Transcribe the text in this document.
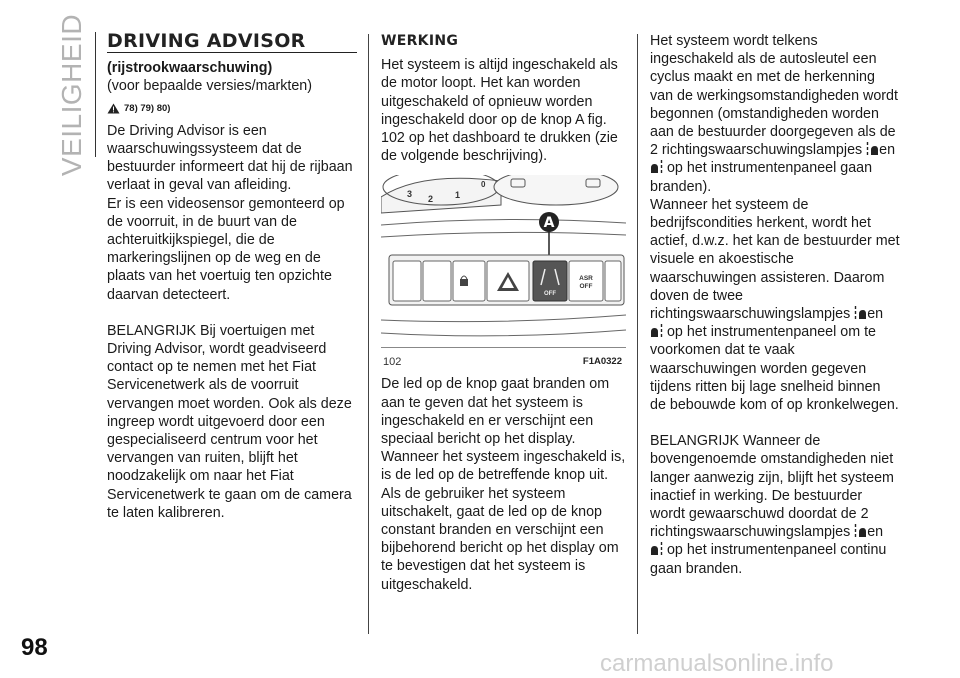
VEILIGHEID
98
carmanualsonline.info
DRIVING ADVISOR
(rijstrookwaarschuwing)
(voor bepaalde versies/markten)
78) 79) 80)

De Driving Advisor is een waarschuwingssysteem dat de bestuurder informeert dat hij de rijbaan verlaat in geval van afleiding.

Er is een videosensor gemonteerd op de voorruit, in de buurt van de achteruitkijkspiegel, die de markeringslijnen op de weg en de plaats van het voertuig ten opzichte daarvan detecteert.

BELANGRIJK Bij voertuigen met Driving Advisor, wordt geadviseerd contact op te nemen met het Fiat Servicenetwerk als de voorruit vervangen moet worden. Ook als deze ingreep wordt uitgevoerd door een gespecialiseerd centrum voor het vervangen van ruiten, blijft het noodzakelijk om naar het Fiat Servicenetwerk te gaan om de camera te laten kalibreren.

WERKING

Het systeem is altijd ingeschakeld als de motor loopt. Het kan worden uitgeschakeld of opnieuw worden ingeschakeld door op de knop A fig. 102 op het dashboard te drukken (zie de volgende beschrijving).

3 2 1
0
A
OFF
ASR
OFF
102	F1A0322

De led op de knop gaat branden om aan te geven dat het systeem is ingeschakeld en er verschijnt een speciaal bericht op het display.

Wanneer het systeem ingeschakeld is, is de led op de betreffende knop uit. Als de gebruiker het systeem uitschakelt, gaat de led op de knop constant branden en verschijnt een bijbehorend bericht op het display om te bevestigen dat het systeem is uitgeschakeld.

Het systeem wordt telkens ingeschakeld als de autosleutel een cyclus maakt en met de herkenning van de werkingsomstandigheden wordt begonnen (omstandigheden worden aan de bestuurder doorgegeven als de 2 richtingswaarschuwingslampjes en op het instrumentenpaneel gaan branden).

Wanneer het systeem de bedrijfscondities herkent, wordt het actief, d.w.z. het kan de bestuurder met visuele en akoestische waarschuwingen assisteren. Daarom doven de twee richtingswaarschuwingslampjes en  op het instrumentenpaneel om te voorkomen dat te vaak waarschuwingen worden gegeven tijdens ritten bij lage snelheid binnen de bebouwde kom of op kronkelwegen.

BELANGRIJK Wanneer de bovengenoemde omstandigheden niet langer aanwezig zijn, blijft het systeem inactief in werking. De bestuurder wordt gewaarschuwd doordat de 2 richtingswaarschuwingslampjes en  op het instrumentenpaneel continu gaan branden.
